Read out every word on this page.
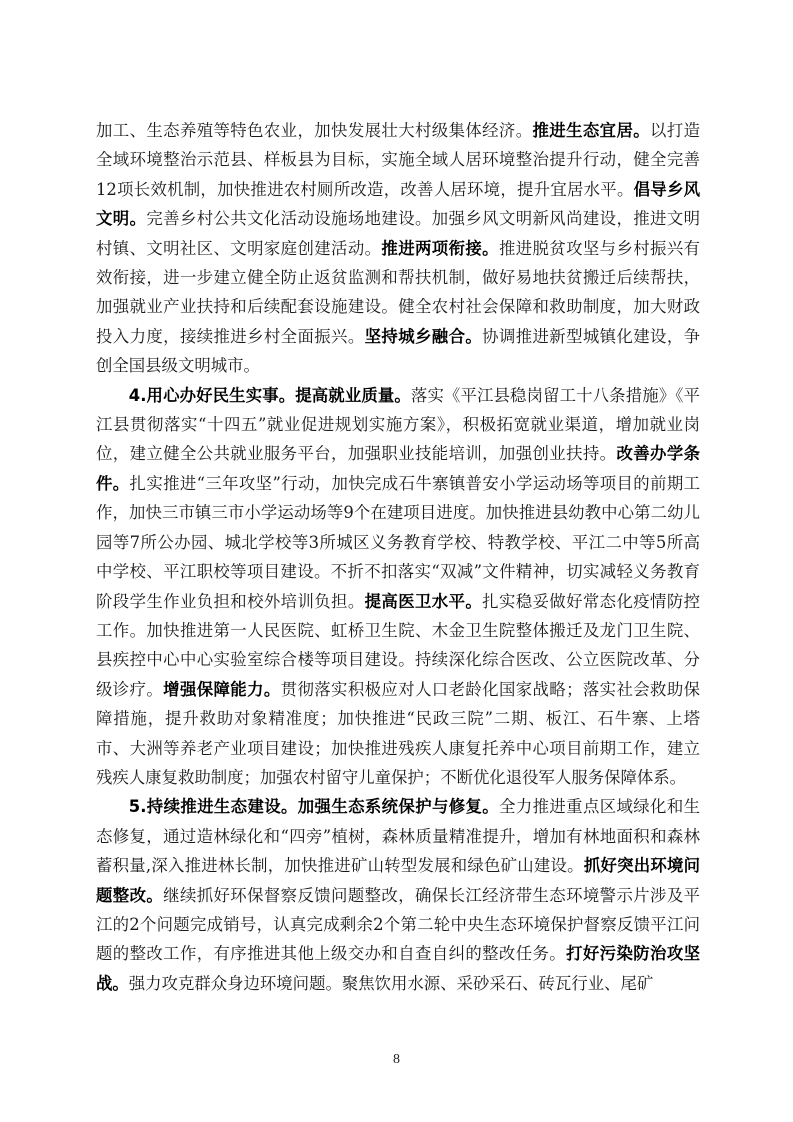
加工、生态养殖等特色农业，加快发展壮大村级集体经济。推进生态宜居。以打造全域环境整治示范县、样板县为目标，实施全域人居环境整治提升行动，健全完善12项长效机制，加快推进农村厕所改造，改善人居环境，提升宜居水平。倡导乡风文明。完善乡村公共文化活动设施场地建设。加强乡风文明新风尚建设，推进文明村镇、文明社区、文明家庭创建活动。推进两项衔接。推进脱贫攻坚与乡村振兴有效衔接，进一步建立健全防止返贫监测和帮扶机制，做好易地扶贫搬迁后续帮扶，加强就业产业扶持和后续配套设施建设。健全农村社会保障和救助制度，加大财政投入力度，接续推进乡村全面振兴。坚持城乡融合。协调推进新型城镇化建设，争创全国县级文明城市。

4.用心办好民生实事。提高就业质量。落实《平江县稳岗留工十八条措施》《平江县贯彻落实“十四五”就业促进规划实施方案》，积极拓宽就业渠道，增加就业岗位，建立健全公共就业服务平台，加强职业技能培训，加强创业扶持。改善办学条件。扎实推进“三年攻坚”行动，加快完成石牛寨镇普安小学运动场等项目的前期工作，加快三市镇三市小学运动场等9个在建项目进度。加快推进县幼教中心第二幼儿园等7所公办园、城北学校等3所城区义务教育学校、特教学校、平江二中等5所高中学校、平江职校等项目建设。不折不扣落实“双减”文件精神，切实减轻义务教育阶段学生作业负担和校外培训负担。提高医卫水平。扎实稳妥做好常态化疫情防控工作。加快推进第一人民医院、虹桥卫生院、木金卫生院整体搬迁及龙门卫生院、县疾控中心中心实验室综合楼等项目建设。持续深化综合医改、公立医院改革、分级诊疗。增强保障能力。贯彻落实积极应对人口老龄化国家战略；落实社会救助保障措施，提升救助对象精准度；加快推进“民政三院”二期、板江、石牛寨、上塔市、大洲等养老产业项目建设；加快推进残疾人康复托养中心项目前期工作，建立残疾人康复救助制度；加强农村留守儿童保护；不断优化退役军人服务保障体系。

5.持续推进生态建设。加强生态系统保护与修复。全力推进重点区域绿化和生态修复，通过造林绿化和“四旁”植树，森林质量精准提升，增加有林地面积和森林蓄积量,深入推进林长制，加快推进矿山转型发展和绿色矿山建设。抓好突出环境问题整改。继续抓好环保督察反馈问题整改，确保长江经济带生态环境警示片涉及平江的2个问题完成销号，认真完成剩余2个第二轮中央生态环境保护督察反馈平江问题的整改工作，有序推进其他上级交办和自查自纠的整改任务。打好污染防治攻坚战。强力攻克群众身边环境问题。聚焦饮用水源、采砂采石、砖瓦行业、尾矿

8
